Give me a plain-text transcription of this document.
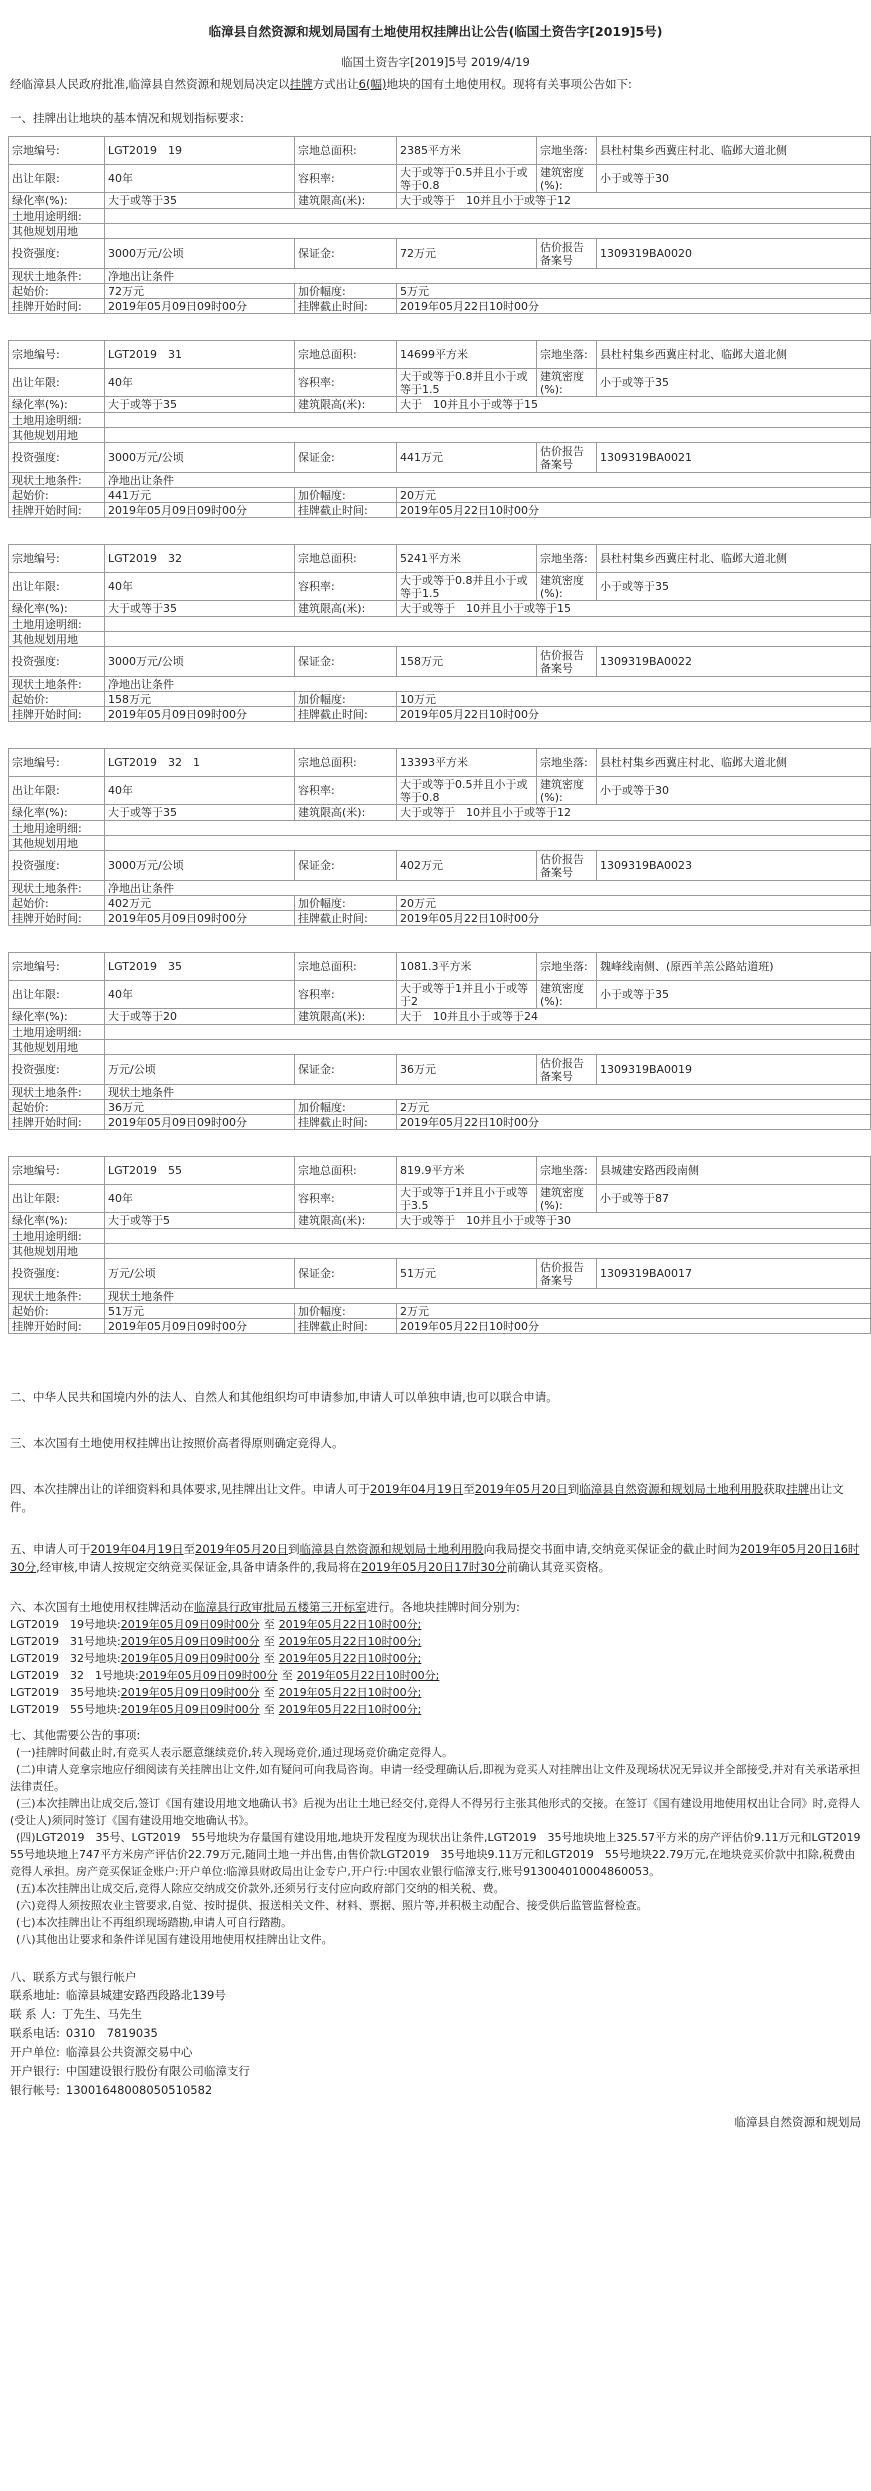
临漳县自然资源和规划局国有土地使用权挂牌出让公告(临国土资告字[2019]5号)
临国土资告字[2019]5号 2019/4/19
经临漳县人民政府批准,临漳县自然资源和规划局决定以挂牌方式出让6(幅)地块的国有土地使用权。现将有关事项公告如下:
一、挂牌出让地块的基本情况和规划指标要求:
宗地编号:	LGT2019　19	宗地总面积:	2385平方米	宗地坐落:	县杜村集乡西冀庄村北、临邺大道北侧
出让年限:	40年	容积率:	大于或等于0.5并且小于或等于0.8	建筑密度(%):	小于或等于30
绿化率(%):	大于或等于35	建筑限高(米):	大于或等于　10并且小于或等于12		
土地用途明细:					
其他规划用地					
投资强度:	3000万元/公顷	保证金:	72万元	估价报告备案号	1309319BA0020
现状土地条件:	净地出让条件				
起始价:	72万元	加价幅度:	5万元		
挂牌开始时间:	2019年05月09日09时00分	挂牌截止时间:	2019年05月22日10时00分		
宗地编号:	LGT2019　31	宗地总面积:	14699平方米	宗地坐落:	县杜村集乡西冀庄村北、临邺大道北侧
出让年限:	40年	容积率:	大于或等于0.8并且小于或等于1.5	建筑密度(%):	小于或等于35
绿化率(%):	大于或等于35	建筑限高(米):	大于　10并且小于或等于15		
土地用途明细:					
其他规划用地					
投资强度:	3000万元/公顷	保证金:	441万元	估价报告备案号	1309319BA0021
现状土地条件:	净地出让条件				
起始价:	441万元	加价幅度:	20万元		
挂牌开始时间:	2019年05月09日09时00分	挂牌截止时间:	2019年05月22日10时00分		
宗地编号:	LGT2019　32	宗地总面积:	5241平方米	宗地坐落:	县杜村集乡西冀庄村北、临邺大道北侧
出让年限:	40年	容积率:	大于或等于0.8并且小于或等于1.5	建筑密度(%):	小于或等于35
绿化率(%):	大于或等于35	建筑限高(米):	大于或等于　10并且小于或等于15		
土地用途明细:					
其他规划用地					
投资强度:	3000万元/公顷	保证金:	158万元	估价报告备案号	1309319BA0022
现状土地条件:	净地出让条件				
起始价:	158万元	加价幅度:	10万元		
挂牌开始时间:	2019年05月09日09时00分	挂牌截止时间:	2019年05月22日10时00分		
宗地编号:	LGT2019　32　1	宗地总面积:	13393平方米	宗地坐落:	县杜村集乡西冀庄村北、临邺大道北侧
出让年限:	40年	容积率:	大于或等于0.5并且小于或等于0.8	建筑密度(%):	小于或等于30
绿化率(%):	大于或等于35	建筑限高(米):	大于或等于　10并且小于或等于12		
土地用途明细:					
其他规划用地					
投资强度:	3000万元/公顷	保证金:	402万元	估价报告备案号	1309319BA0023
现状土地条件:	净地出让条件				
起始价:	402万元	加价幅度:	20万元		
挂牌开始时间:	2019年05月09日09时00分	挂牌截止时间:	2019年05月22日10时00分		
宗地编号:	LGT2019　35	宗地总面积:	1081.3平方米	宗地坐落:	魏峰线南侧、(原西羊羔公路站道班)
出让年限:	40年	容积率:	大于或等于1并且小于或等于2	建筑密度(%):	小于或等于35
绿化率(%):	大于或等于20	建筑限高(米):	大于　10并且小于或等于24		
土地用途明细:					
其他规划用地					
投资强度:	万元/公顷	保证金:	36万元	估价报告备案号	1309319BA0019
现状土地条件:	现状土地条件				
起始价:	36万元	加价幅度:	2万元		
挂牌开始时间:	2019年05月09日09时00分	挂牌截止时间:	2019年05月22日10时00分		
宗地编号:	LGT2019　55	宗地总面积:	819.9平方米	宗地坐落:	县城建安路西段南侧
出让年限:	40年	容积率:	大于或等于1并且小于或等于3.5	建筑密度(%):	小于或等于87
绿化率(%):	大于或等于5	建筑限高(米):	大于或等于　10并且小于或等于30		
土地用途明细:					
其他规划用地					
投资强度:	万元/公顷	保证金:	51万元	估价报告备案号	1309319BA0017
现状土地条件:	现状土地条件				
起始价:	51万元	加价幅度:	2万元		
挂牌开始时间:	2019年05月09日09时00分	挂牌截止时间:	2019年05月22日10时00分		
二、中华人民共和国境内外的法人、自然人和其他组织均可申请参加,申请人可以单独申请,也可以联合申请。
三、本次国有土地使用权挂牌出让按照价高者得原则确定竞得人。
四、本次挂牌出让的详细资料和具体要求,见挂牌出让文件。申请人可于2019年04月19日至2019年05月20日到临漳县自然资源和规划局土地利用股获取挂牌出让文件。
五、申请人可于2019年04月19日至2019年05月20日到临漳县自然资源和规划局土地利用股向我局提交书面申请,交纳竞买保证金的截止时间为2019年05月20日16时30分,经审核,申请人按规定交纳竞买保证金,具备申请条件的,我局将在2019年05月20日17时30分前确认其竞买资格。
六、本次国有土地使用权挂牌活动在临漳县行政审批局五楼第三开标室进行。各地块挂牌时间分别为:
LGT2019　19号地块:2019年05月09日09时00分 至 2019年05月22日10时00分;
LGT2019　31号地块:2019年05月09日09时00分 至 2019年05月22日10时00分;
LGT2019　32号地块:2019年05月09日09时00分 至 2019年05月22日10时00分;
LGT2019　32　1号地块:2019年05月09日09时00分 至 2019年05月22日10时00分;
LGT2019　35号地块:2019年05月09日09时00分 至 2019年05月22日10时00分;
LGT2019　55号地块:2019年05月09日09时00分 至 2019年05月22日10时00分;
七、其他需要公告的事项:
(一)挂牌时间截止时,有竞买人表示愿意继续竞价,转入现场竞价,通过现场竞价确定竞得人。
(二)申请人竞拿宗地应仔细阅读有关挂牌出让文件,如有疑问可向我局咨询。申请一经受理确认后,即视为竞买人对挂牌出让文件及现场状况无异议并全部接受,并对有关承诺承担法律责任。
(三)本次挂牌出让成交后,签订《国有建设用地文地确认书》后视为出让土地已经交付,竞得人不得另行主张其他形式的交接。在签订《国有建设用地使用权出让合同》时,竞得人(受让人)须同时签订《国有建设用地交地确认书》。
(四)LGT2019　35号、LGT2019　55号地块为存量国有建设用地,地块开发程度为现状出让条件,LGT2019　35号地块地上325.57平方米的房产评估价9.11万元和LGT2019　55号地块地上747平方米房产评估价22.79万元,随同土地一并出售,由售价款LGT2019　35号地块9.11万元和LGT2019　55号地块22.79万元,在地块竞买价款中扣除,税费由竞得人承担。房产竞买保证金账户:开户单位:临漳县财政局出让金专户,开户行:中国农业银行临漳支行,账号913004010004860053。
(五)本次挂牌出让成交后,竞得人除应交纳成交价款外,还须另行支付应向政府部门交纳的相关税、费。
(六)竞得人须按照农业主管要求,自觉、按时提供、报送相关文件、材料、票据、照片等,并积极主动配合、接受供后监管监督检查。
(七)本次挂牌出让不再组织现场踏勘,申请人可自行踏勘。
(八)其他出让要求和条件详见国有建设用地使用权挂牌出让文件。
八、联系方式与银行帐户
联系地址: 临漳县城建安路西段路北139号
联 系 人: 丁先生、马先生
联系电话: 0310　7819035
开户单位: 临漳县公共资源交易中心
开户银行: 中国建设银行股份有限公司临漳支行
银行帐号: 13001648008050510582
临漳县自然资源和规划局
